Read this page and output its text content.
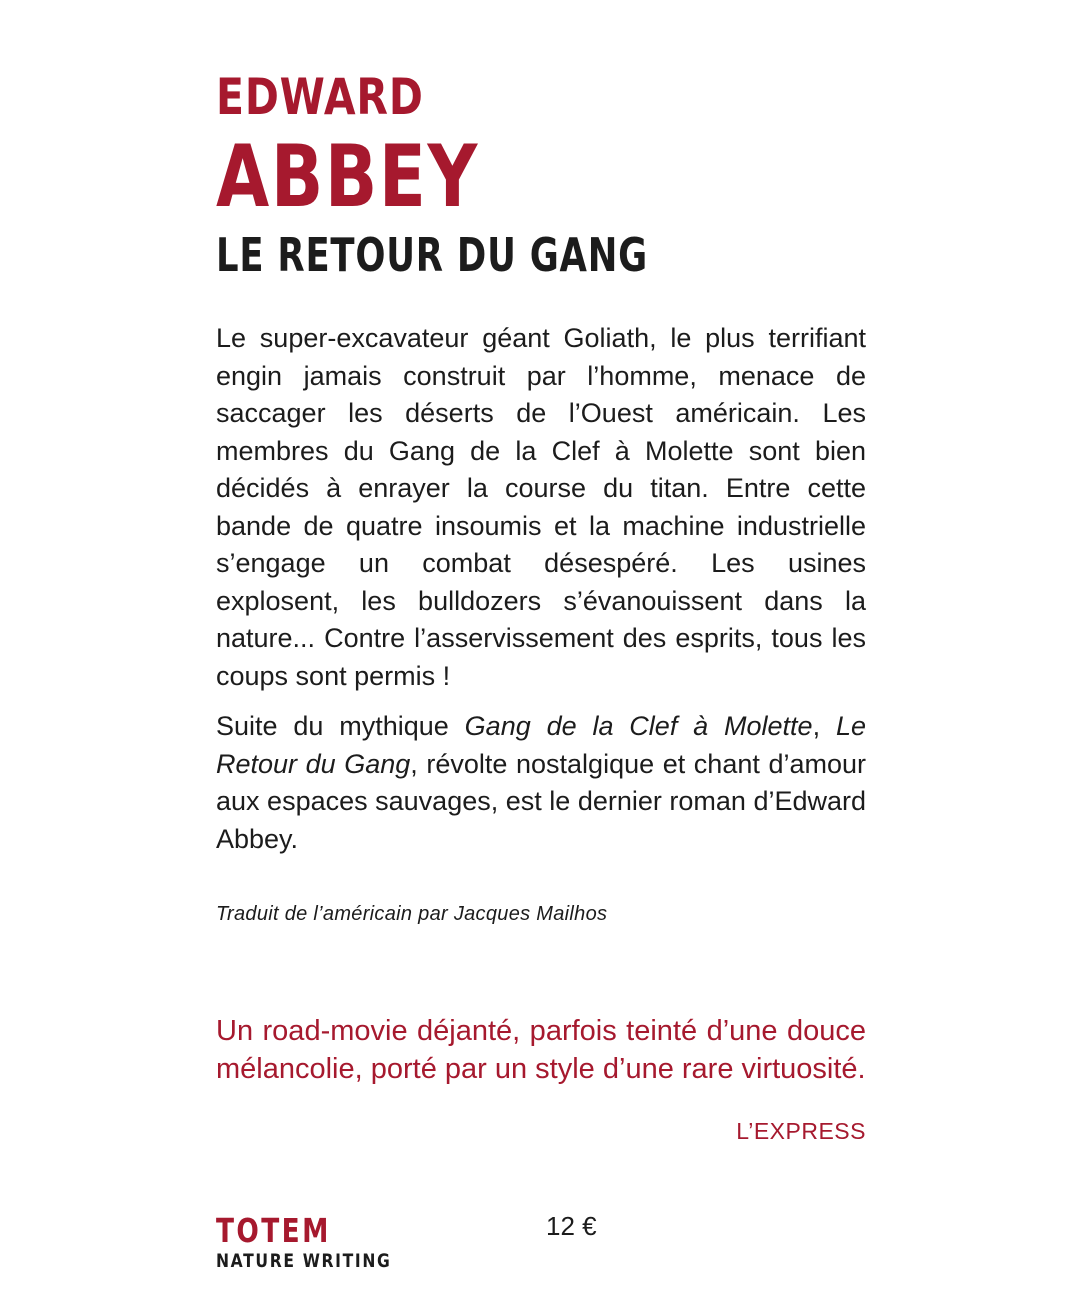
EDWARD
ABBEY
LE RETOUR DU GANG

Le super-excavateur géant Goliath, le plus terrifiant engin jamais construit par l’homme, menace de saccager les déserts de l’Ouest américain. Les membres du Gang de la Clef à Molette sont bien décidés à enrayer la course du titan. Entre cette bande de quatre insoumis et la machine industrielle s’engage un combat désespéré. Les usines explosent, les bulldozers s’évanouissent dans la nature... Contre l’asservissement des esprits, tous les coups sont permis !

Suite du mythique Gang de la Clef à Molette, Le Retour du Gang, révolte nostalgique et chant d’amour aux espaces sauvages, est le dernier roman d’Edward Abbey.

Traduit de l’américain par Jacques Mailhos

Un road-movie déjanté, parfois teinté d’une douce mélancolie, porté par un style d’une rare virtuosité.

L’EXPRESS

TOTEM
NATURE WRITING
12 €
